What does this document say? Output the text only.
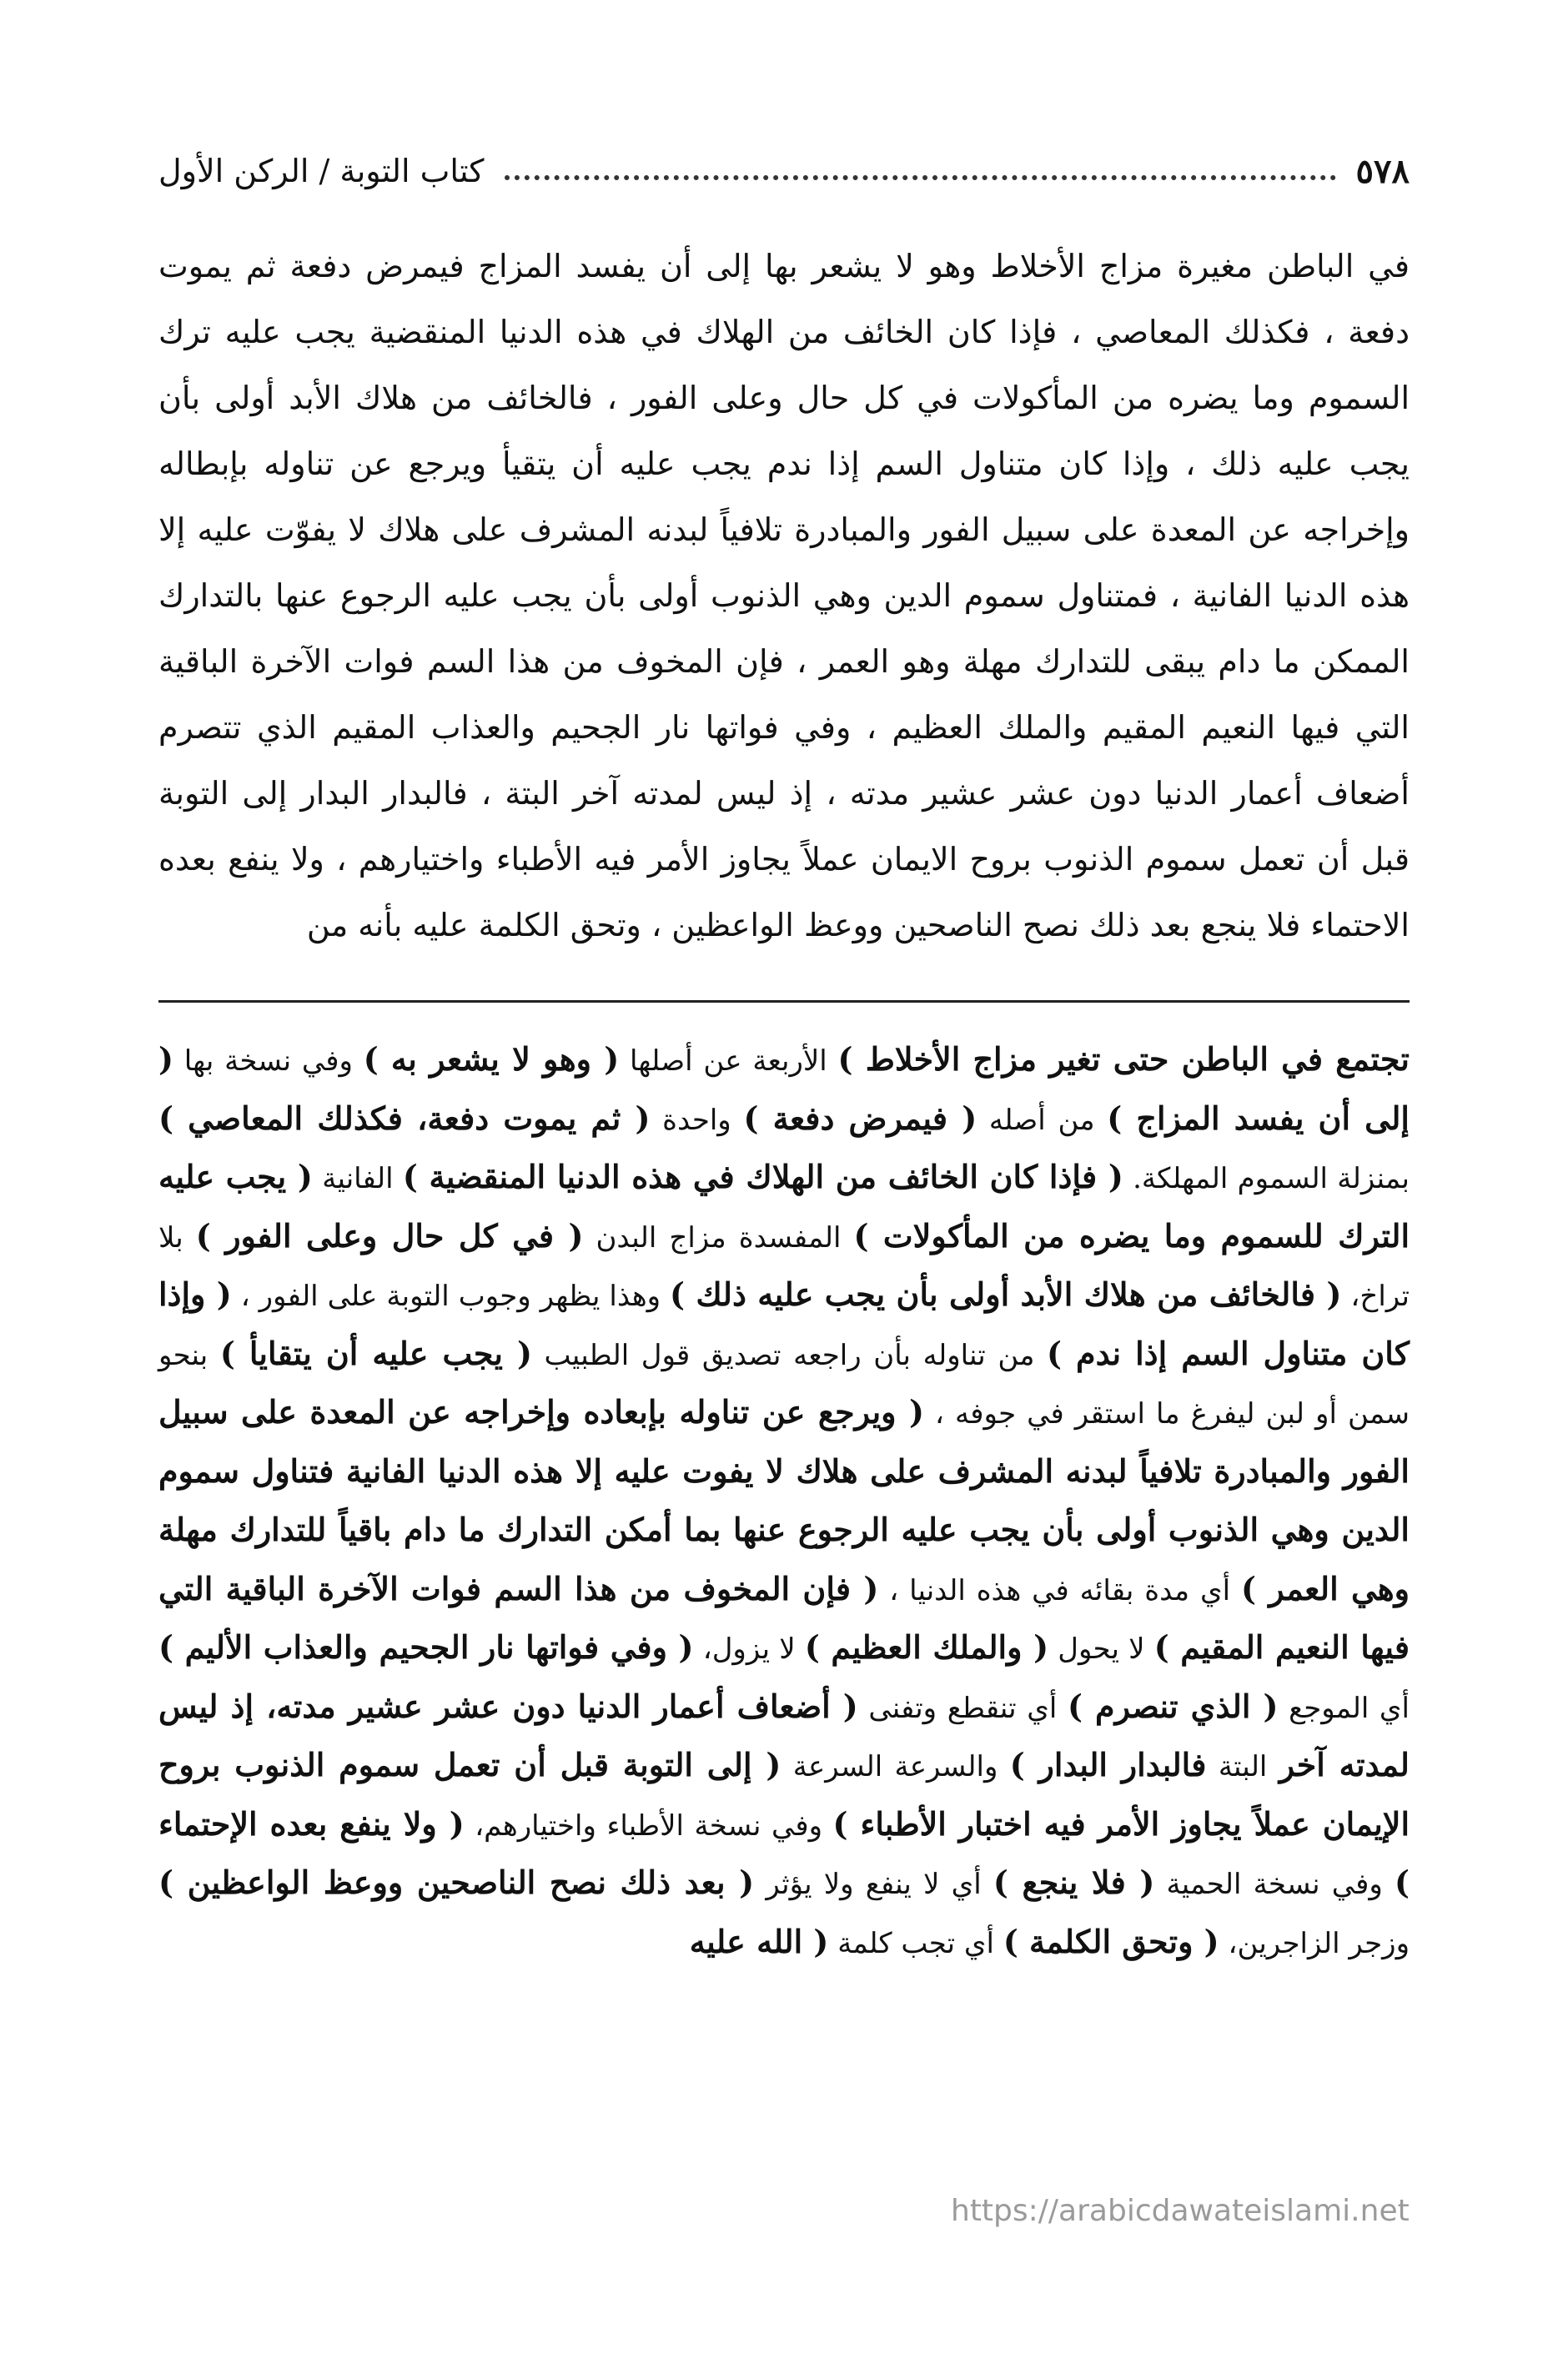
٥٧٨
كتاب التوبة / الركن الأول

في الباطن مغيرة مزاج الأخلاط وهو لا يشعر بها إلى أن يفسد المزاج فيمرض دفعة ثم يموت دفعة ، فكذلك المعاصي ، فإذا كان الخائف من الهلاك في هذه الدنيا المنقضية يجب عليه ترك السموم وما يضره من المأكولات في كل حال وعلى الفور ، فالخائف من هلاك الأبد أولى بأن يجب عليه ذلك ، وإذا كان متناول السم إذا ندم يجب عليه أن يتقيأ ويرجع عن تناوله بإبطاله وإخراجه عن المعدة على سبيل الفور والمبادرة تلافياً لبدنه المشرف على هلاك لا يفوّت عليه إلا هذه الدنيا الفانية ، فمتناول سموم الدين وهي الذنوب أولى بأن يجب عليه الرجوع عنها بالتدارك الممكن ما دام يبقى للتدارك مهلة وهو العمر ، فإن المخوف من هذا السم فوات الآخرة الباقية التي فيها النعيم المقيم والملك العظيم ، وفي فواتها نار الجحيم والعذاب المقيم الذي تتصرم أضعاف أعمار الدنيا دون عشر عشير مدته ، إذ ليس لمدته آخر البتة ، فالبدار البدار إلى التوبة قبل أن تعمل سموم الذنوب بروح الايمان عملاً يجاوز الأمر فيه الأطباء واختيارهم ، ولا ينفع بعده الاحتماء فلا ينجع بعد ذلك نصح الناصحين ووعظ الواعظين ، وتحق الكلمة عليه بأنه من

تجتمع في الباطن حتى تغير مزاج الأخلاط ) الأربعة عن أصلها ( وهو لا يشعر به ) وفي نسخة بها ( إلى أن يفسد المزاج ) من أصله ( فيمرض دفعة ) واحدة ( ثم يموت دفعة، فكذلك المعاصي ) بمنزلة السموم المهلكة. ( فإذا كان الخائف من الهلاك في هذه الدنيا المنقضية ) الفانية ( يجب عليه الترك للسموم وما يضره من المأكولات ) المفسدة مزاج البدن ( في كل حال وعلى الفور ) بلا تراخ، ( فالخائف من هلاك الأبد أولى بأن يجب عليه ذلك ) وهذا يظهر وجوب التوبة على الفور ، ( وإذا كان متناول السم إذا ندم ) من تناوله بأن راجعه تصديق قول الطبيب ( يجب عليه أن يتقايأ ) بنحو سمن أو لبن ليفرغ ما استقر في جوفه ، ( ويرجع عن تناوله بإبعاده وإخراجه عن المعدة على سبيل الفور والمبادرة تلافياً لبدنه المشرف على هلاك لا يفوت عليه إلا هذه الدنيا الفانية فتناول سموم الدين وهي الذنوب أولى بأن يجب عليه الرجوع عنها بما أمكن التدارك ما دام باقياً للتدارك مهلة وهي العمر ) أي مدة بقائه في هذه الدنيا ، ( فإن المخوف من هذا السم فوات الآخرة الباقية التي فيها النعيم المقيم ) لا يحول ( والملك العظيم ) لا يزول، ( وفي فواتها نار الجحيم والعذاب الأليم ) أي الموجع ( الذي تنصرم ) أي تنقطع وتفنى ( أضعاف أعمار الدنيا دون عشر عشير مدته، إذ ليس لمدته آخر البتة فالبدار البدار ) والسرعة السرعة ( إلى التوبة قبل أن تعمل سموم الذنوب بروح الإيمان عملاً يجاوز الأمر فيه اختبار الأطباء ) وفي نسخة الأطباء واختيارهم، ( ولا ينفع بعده الإحتماء ) وفي نسخة الحمية ( فلا ينجع ) أي لا ينفع ولا يؤثر ( بعد ذلك نصح الناصحين ووعظ الواعظين ) وزجر الزاجرين، ( وتحق الكلمة ) أي تجب كلمة ( الله عليه

https://arabicdawateislami.net
